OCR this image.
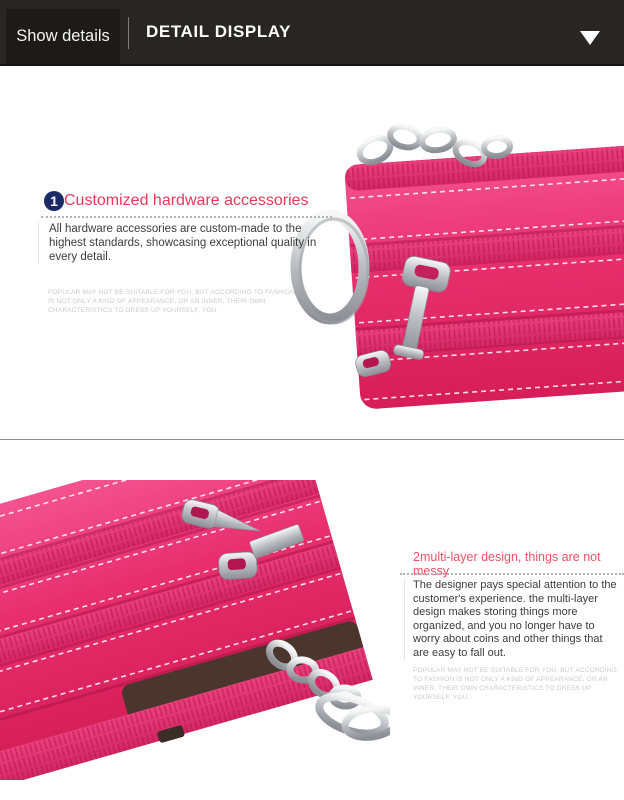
Show details DETAIL DISPLAY
1 Customized hardware accessories
All hardware accessories are custom-made to the highest standards, showcasing exceptional quality in every detail.
POPULAR MAY NOT BE SUITABLE FOR YOU, BUT ACCORDING TO FASHION IS NOT ONLY A KIND OF APPEARANCE, OR AN INNER, THEIR OWN CHARACTERISTICS TO DRESS UP YOURSELF, YOU.
2multi-layer design, things are not messy
The designer pays special attention to the customer's experience. the multi-layer design makes storing things more organized, and you no longer have to worry about coins and other things that are easy to fall out.
POPULAR MAY NOT BE SUITABLE FOR YOU, BUT ACCORDING TO FASHION IS NOT ONLY A KIND OF APPEARANCE, OR AN INNER, THEIR OWN CHARACTERISTICS TO DRESS UP YOURSELF, YOU.
